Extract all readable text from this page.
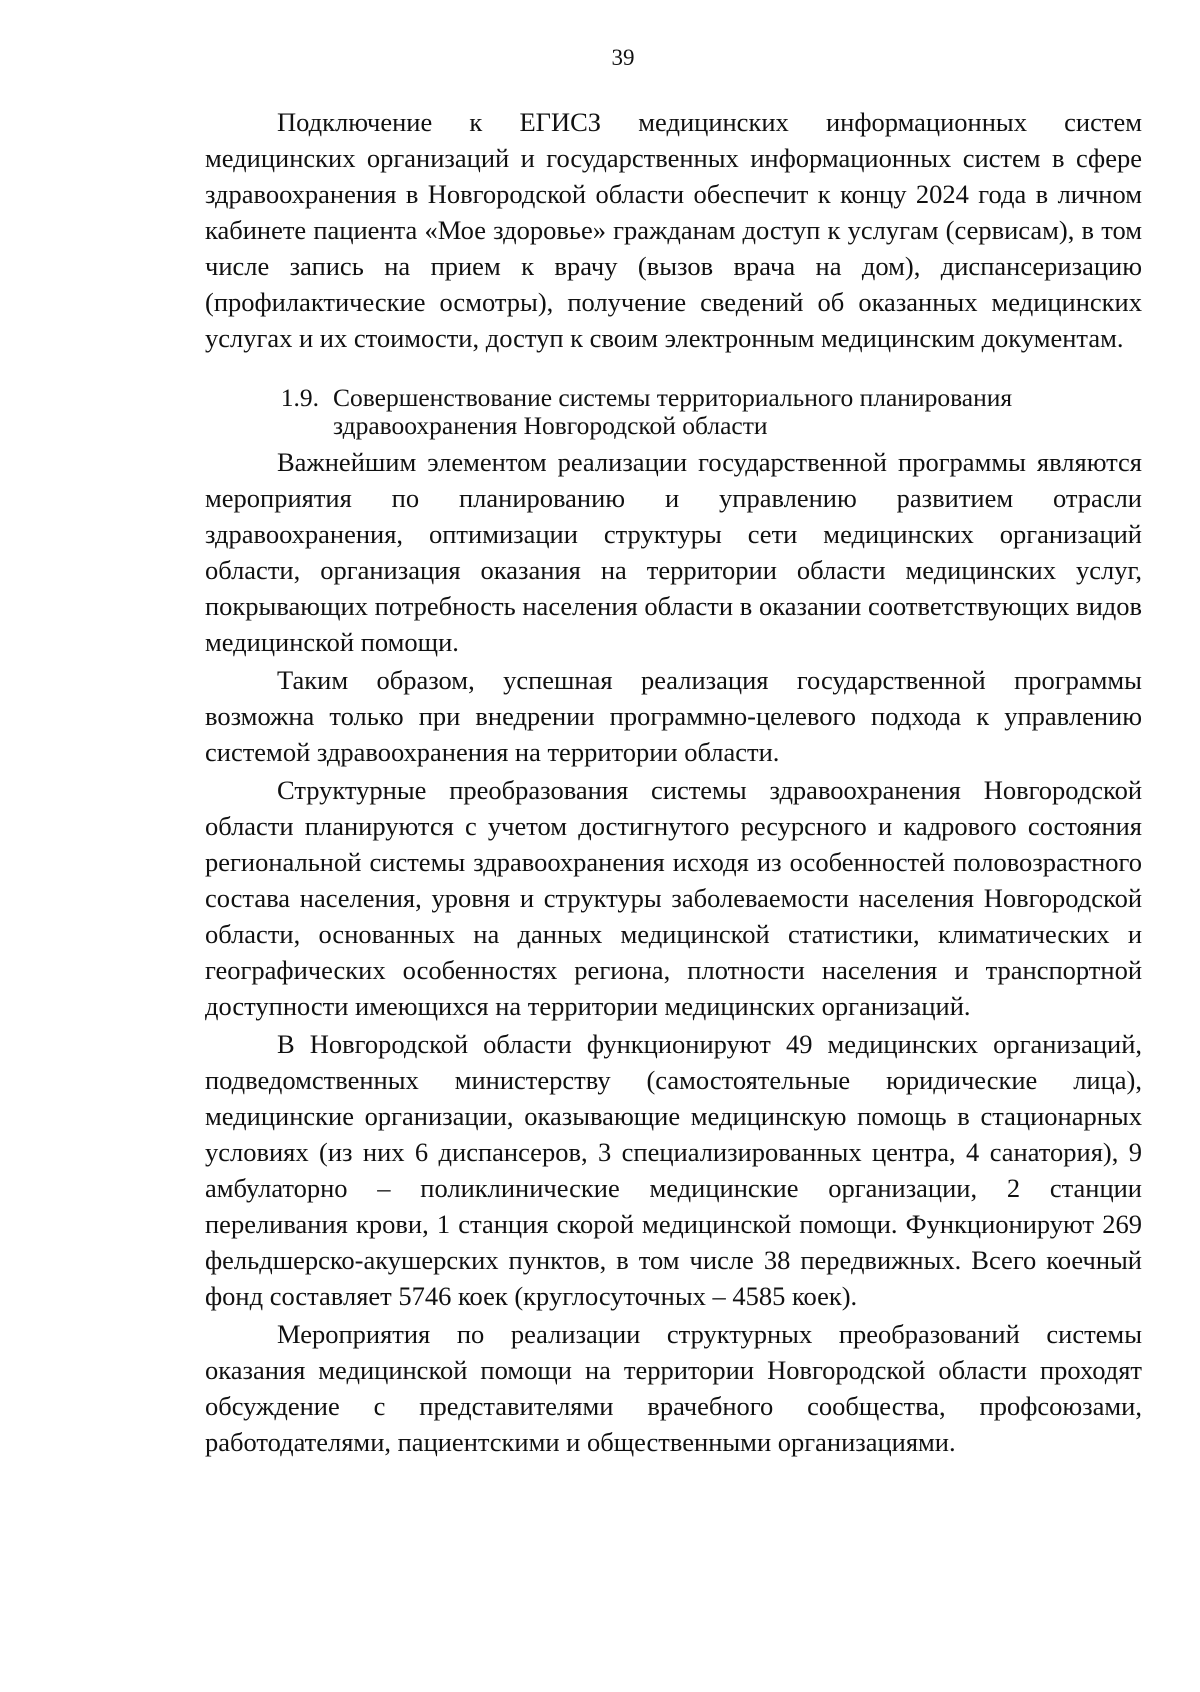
39

Подключение к ЕГИСЗ медицинских информационных систем медицинских организаций и государственных информационных систем в сфере здравоохранения в Новгородской области обеспечит к концу 2024 года в личном кабинете пациента «Мое здоровье» гражданам доступ к услугам (сервисам), в том числе запись на прием к врачу (вызов врача на дом), диспансеризацию (профилактические осмотры), получение сведений об оказанных медицинских услугах и их стоимости, доступ к своим электронным медицинским документам.

1.9. Совершенствование системы территориального планирования здравоохранения Новгородской области

Важнейшим элементом реализации государственной программы являются мероприятия по планированию и управлению развитием отрасли здравоохранения, оптимизации структуры сети медицинских организаций области, организация оказания на территории области медицинских услуг, покрывающих потребность населения области в оказании соответствующих видов медицинской помощи.

Таким образом, успешная реализация государственной программы возможна только при внедрении программно-целевого подхода к управлению системой здравоохранения на территории области.

Структурные преобразования системы здравоохранения Новгородской области планируются с учетом достигнутого ресурсного и кадрового состояния региональной системы здравоохранения исходя из особенностей половозрастного состава населения, уровня и структуры заболеваемости населения Новгородской области, основанных на данных медицинской статистики, климатических и географических особенностях региона, плотности населения и транспортной доступности имеющихся на территории медицинских организаций.

В Новгородской области функционируют 49 медицинских организаций, подведомственных министерству (самостоятельные юридические лица), медицинские организации, оказывающие медицинскую помощь в стационарных условиях (из них 6 диспансеров, 3 специализированных центра, 4 санатория), 9 амбулаторно – поликлинические медицинские организации, 2 станции переливания крови, 1 станция скорой медицинской помощи. Функционируют 269 фельдшерско-акушерских пунктов, в том числе 38 передвижных. Всего коечный фонд составляет 5746 коек (круглосуточных – 4585 коек).

Мероприятия по реализации структурных преобразований системы оказания медицинской помощи на территории Новгородской области проходят обсуждение с представителями врачебного сообщества, профсоюзами, работодателями, пациентскими и общественными организациями.
